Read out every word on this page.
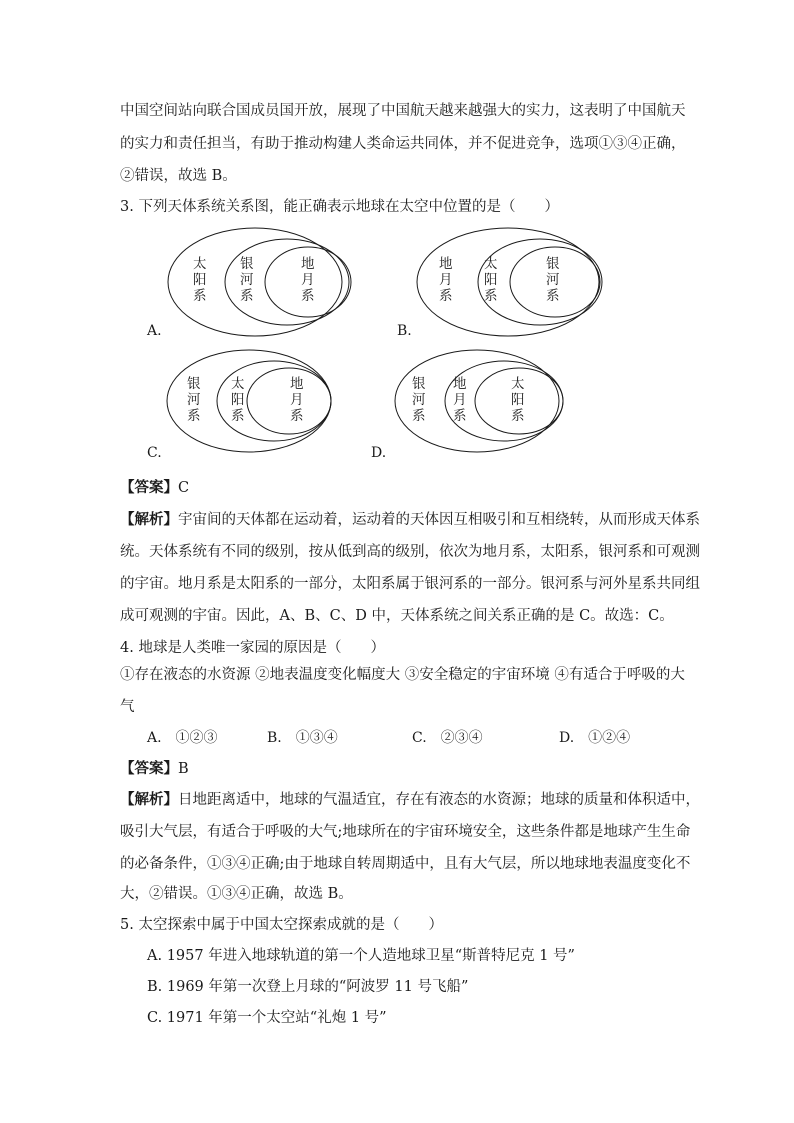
中国空间站向联合国成员国开放，展现了中国航天越来越强大的实力，这表明了中国航天
的实力和责任担当，有助于推动构建人类命运共同体，并不促进竞争，选项①③④正确，
②错误，故选 B。
3. 下列天体系统关系图，能正确表示地球在太空中位置的是（　　）
太阳系
银河系
地月系
A.
地月系
太阳系
银河系
B.
银河系
太阳系
地月系
C.
银河系
地月系
太阳系
D.
【答案】C
【解析】宇宙间的天体都在运动着，运动着的天体因互相吸引和互相绕转，从而形成天体系
统。天体系统有不同的级别，按从低到高的级别，依次为地月系，太阳系，银河系和可观测
的宇宙。地月系是太阳系的一部分，太阳系属于银河系的一部分。银河系与河外星系共同组
成可观测的宇宙。因此，A、B、C、D 中，天体系统之间关系正确的是 C。故选：C。
4. 地球是人类唯一家园的原因是（　　）
①存在液态的水资源 ②地表温度变化幅度大 ③安全稳定的宇宙环境 ④有适合于呼吸的大
气
A.　①②③	B.　①③④	C.　②③④	D.　①②④
【答案】B
【解析】日地距离适中，地球的气温适宜，存在有液态的水资源；地球的质量和体积适中，
吸引大气层，有适合于呼吸的大气;地球所在的宇宙环境安全，这些条件都是地球产生生命
的必备条件，①③④正确;由于地球自转周期适中，且有大气层，所以地球地表温度变化不
大，②错误。①③④正确，故选 B。
5. 太空探索中属于中国太空探索成就的是（　　）
A. 1957 年进入地球轨道的第一个人造地球卫星“斯普特尼克 1 号”
B. 1969 年第一次登上月球的“阿波罗 11 号飞船”
C. 1971 年第一个太空站“礼炮 1 号”
